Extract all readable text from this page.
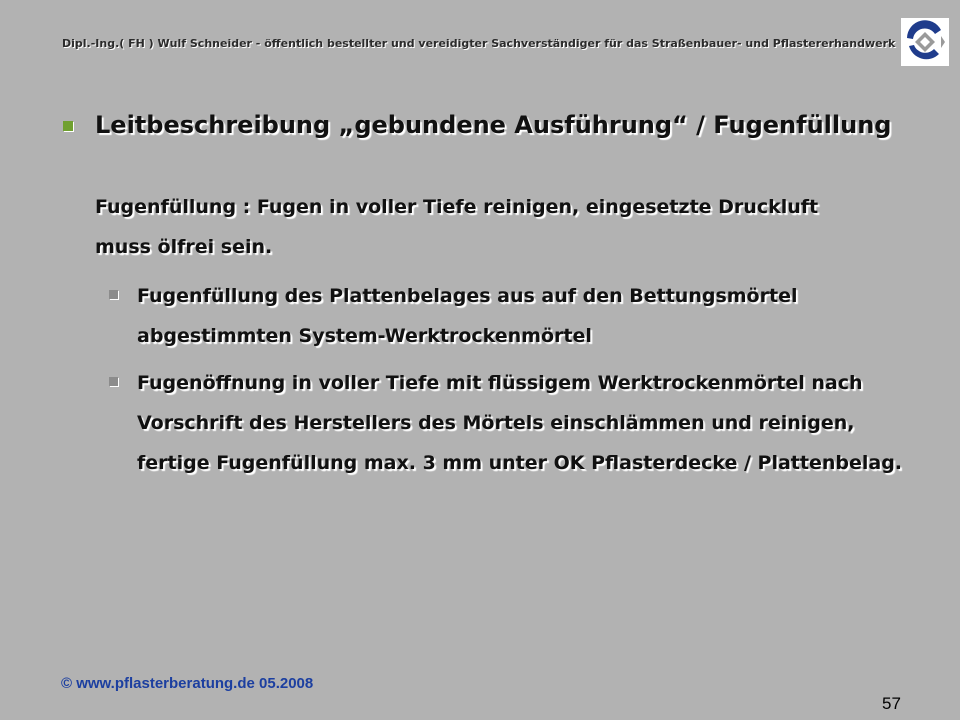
Dipl.-Ing.( FH ) Wulf Schneider - öffentlich bestellter und vereidigter Sachverständiger für das Straßenbauer- und Pflastererhandwerk
Leitbeschreibung „gebundene Ausführung“ / Fugenfüllung
Fugenfüllung : Fugen in voller Tiefe reinigen, eingesetzte Druckluft muss ölfrei sein.
Fugenfüllung des Plattenbelages aus auf den Bettungsmörtel abgestimmten System-Werktrockenmörtel
Fugenöffnung in voller Tiefe mit flüssigem Werktrockenmörtel nach Vorschrift des Herstellers des Mörtels einschlämmen und reinigen, fertige Fugenfüllung max. 3 mm unter OK Pflasterdecke / Plattenbelag.
© www.pflasterberatung.de 05.2008
57
